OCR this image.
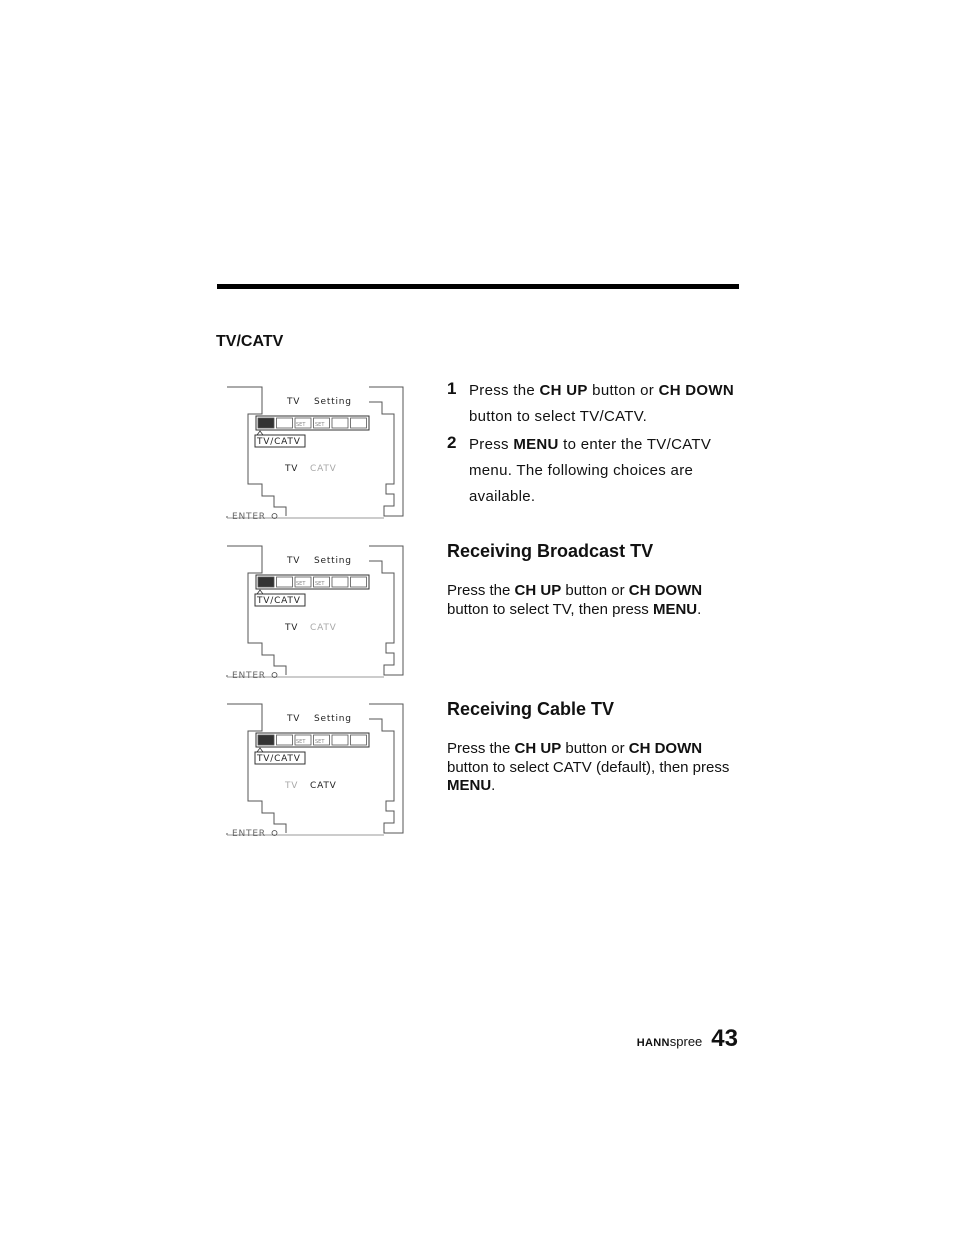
TV/CATV
TV Setting
SET SET
TV/CATV
TV CATV
ENTER
TV Setting
SET SET
TV/CATV
TV CATV
ENTER
TV Setting
SET SET
TV/CATV
TV CATV
ENTER
1 Press the CH UP button or CH DOWN button to select TV/CATV.
2 Press MENU to enter the TV/CATV menu. The following choices are available.
Receiving Broadcast TV

Press the CH UP button or CH DOWN button to select TV, then press MENU.

Receiving Cable TV

Press the CH UP button or CH DOWN button to select CATV (default), then press MENU.

HANNspree 43
